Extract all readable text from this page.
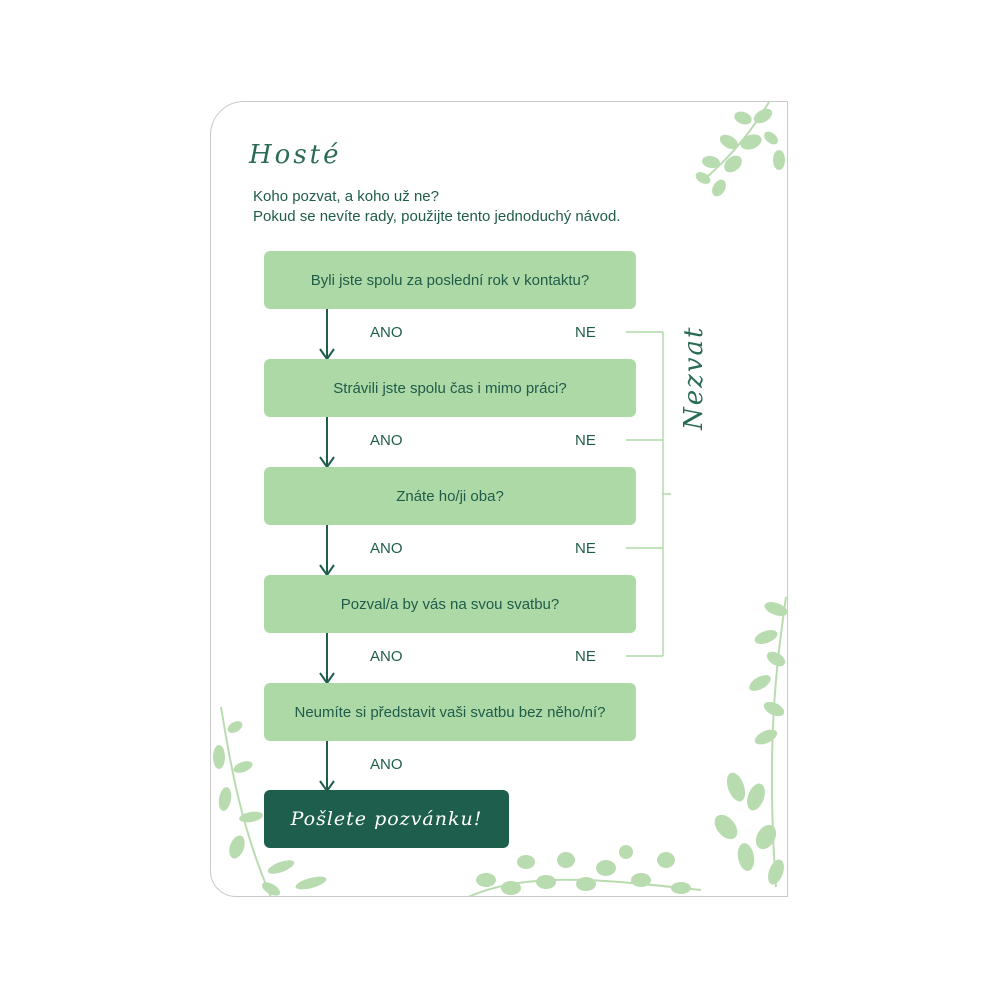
Hosté
Koho pozvat, a koho už ne?
Pokud se nevíte rady, použijte tento jednoduchý návod.
Byli jste spolu za poslední rok v kontaktu?
ANO	NE
Strávili jste spolu čas i mimo práci?
ANO	NE
Znáte ho/ji oba?
ANO	NE
Pozval/a by vás na svou svatbu?
ANO	NE
Neumíte si představit vaši svatbu bez něho/ní?
ANO
Pošlete pozvánku!
Nezvat
